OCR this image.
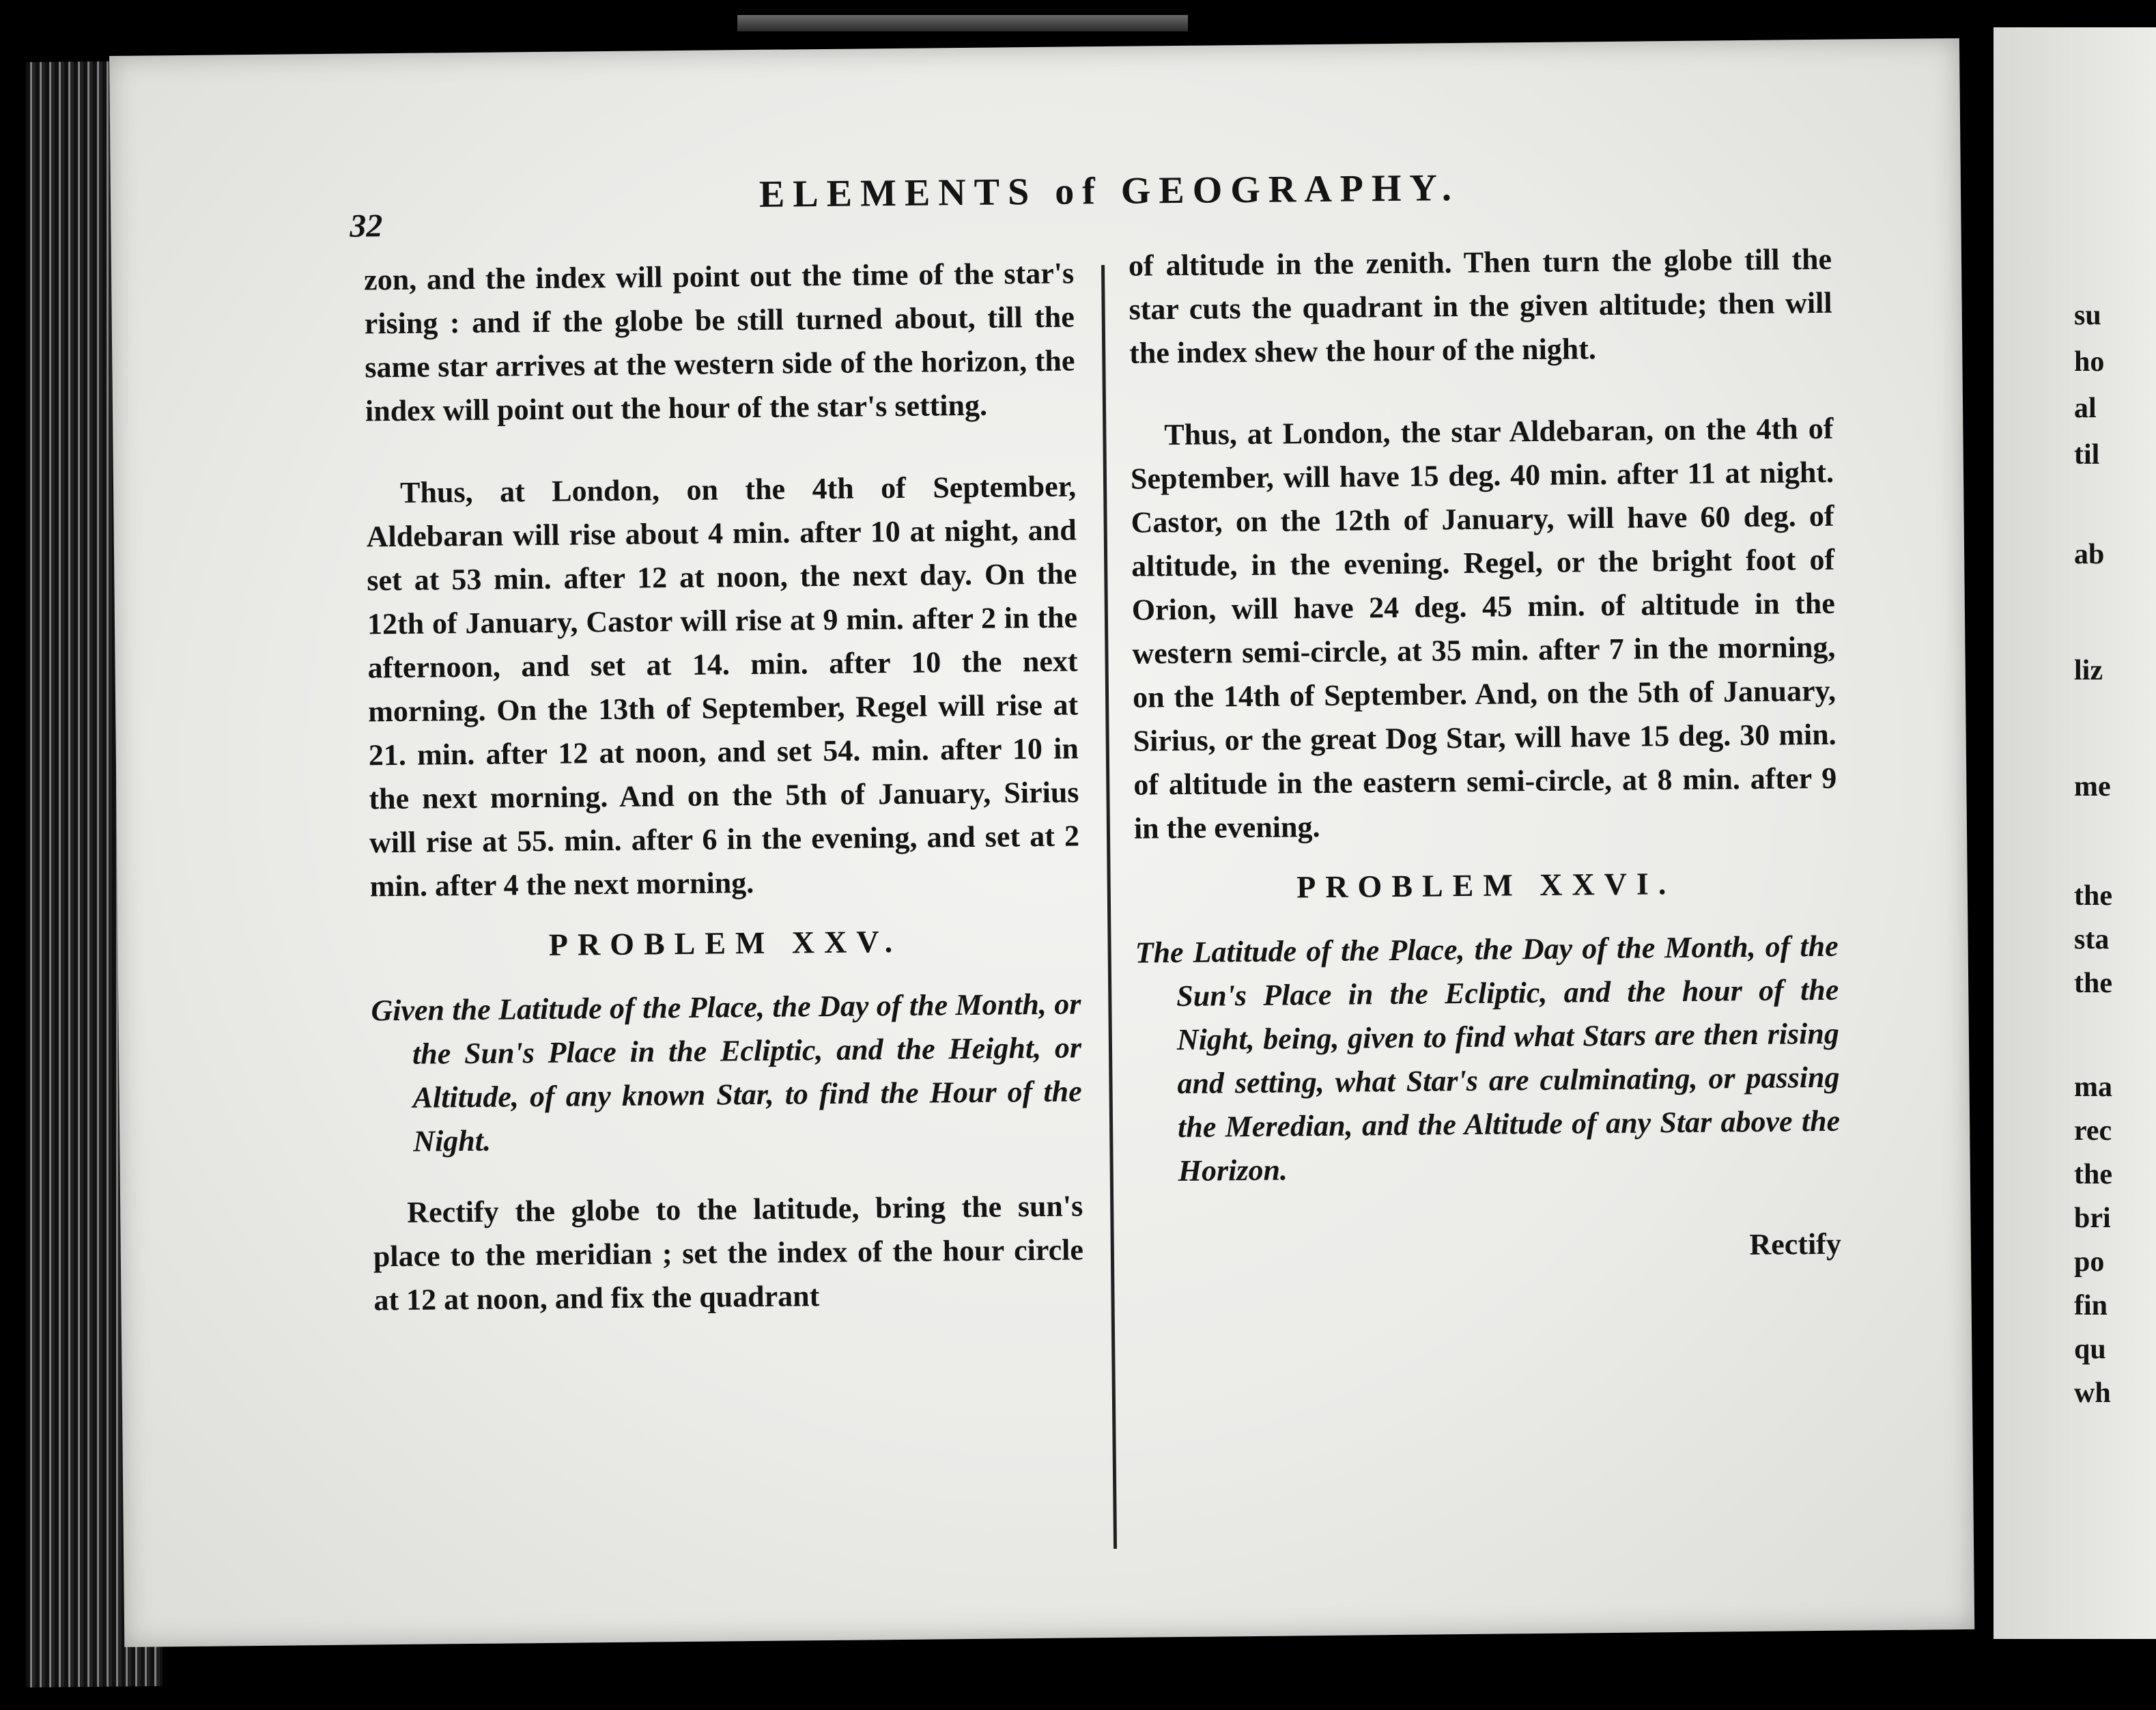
su
ho
al
til
ab
liz
me
the
sta
the
ma
rec
the
bri
po
fin
qu
wh
32
ELEMENTS of GEOGRAPHY.

zon, and the index will point out the time of the star's rising : and if the globe be still turned about, till the same star arrives at the western side of the horizon, the index will point out the hour of the star's setting.

Thus, at London, on the 4th of September, Aldebaran will rise about 4 min. after 10 at night, and set at 53 min. after 12 at noon, the next day. On the 12th of January, Castor will rise at 9 min. after 2 in the afternoon, and set at 14. min. after 10 the next morning. On the 13th of September, Regel will rise at 21. min. after 12 at noon, and set 54. min. after 10 in the next morning. And on the 5th of January, Sirius will rise at 55. min. after 6 in the evening, and set at 2 min. after 4 the next morning.

PROBLEM XXV.

Given the Latitude of the Place, the Day of the Month, or the Sun's Place in the Ecliptic, and the Height, or Altitude, of any known Star, to find the Hour of the Night.

Rectify the globe to the latitude, bring the sun's place to the meridian ; set the index of the hour circle at 12 at noon, and fix the quadrant

of altitude in the zenith. Then turn the globe till the star cuts the quadrant in the given altitude; then will the index shew the hour of the night.

Thus, at London, the star Aldebaran, on the 4th of September, will have 15 deg. 40 min. after 11 at night. Castor, on the 12th of January, will have 60 deg. of altitude, in the evening. Regel, or the bright foot of Orion, will have 24 deg. 45 min. of altitude in the western semi-circle, at 35 min. after 7 in the morning, on the 14th of September. And, on the 5th of January, Sirius, or the great Dog Star, will have 15 deg. 30 min. of altitude in the eastern semi-circle, at 8 min. after 9 in the evening.

PROBLEM XXVI.

The Latitude of the Place, the Day of the Month, of the Sun's Place in the Ecliptic, and the hour of the Night, being, given to find what Stars are then rising and setting, what Star's are culminating, or passing the Meredian, and the Altitude of any Star above the Horizon.

Rectify
